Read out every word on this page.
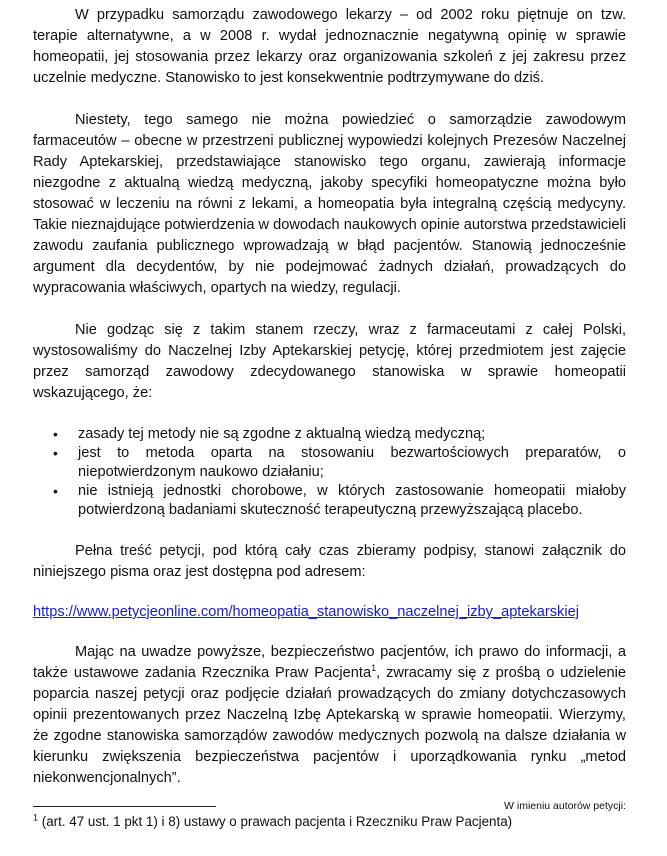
W przypadku samorządu zawodowego lekarzy – od 2002 roku piętnuje on tzw. terapie alternatywne, a w 2008 r. wydał jednoznacznie negatywną opinię w sprawie homeopatii, jej stosowania przez lekarzy oraz organizowania szkoleń z jej zakresu przez uczelnie medyczne. Stanowisko to jest konsekwentnie podtrzymywane do dziś.

Niestety, tego samego nie można powiedzieć o samorządzie zawodowym farmaceutów – obecne w przestrzeni publicznej wypowiedzi kolejnych Prezesów Naczelnej Rady Aptekarskiej, przedstawiające stanowisko tego organu, zawierają informacje niezgodne z aktualną wiedzą medyczną, jakoby specyfiki homeopatyczne można było stosować w leczeniu na równi z lekami, a homeopatia była integralną częścią medycyny. Takie nieznajdujące potwierdzenia w dowodach naukowych opinie autorstwa przedstawicieli zawodu zaufania publicznego wprowadzają w błąd pacjentów. Stanowią jednocześnie argument dla decydentów, by nie podejmować żadnych działań, prowadzących do wypracowania właściwych, opartych na wiedzy, regulacji.

Nie godząc się z takim stanem rzeczy, wraz z farmaceutami z całej Polski, wystosowaliśmy do Naczelnej Izby Aptekarskiej petycję, której przedmiotem jest zajęcie przez samorząd zawodowy zdecydowanego stanowiska w sprawie homeopatii wskazującego, że:

• zasady tej metody nie są zgodne z aktualną wiedzą medyczną;
• jest to metoda oparta na stosowaniu bezwartościowych preparatów, o niepotwierdzonym naukowo działaniu;
• nie istnieją jednostki chorobowe, w których zastosowanie homeopatii miałoby potwierdzoną badaniami skuteczność terapeutyczną przewyższającą placebo.

Pełna treść petycji, pod którą cały czas zbieramy podpisy, stanowi załącznik do niniejszego pisma oraz jest dostępna pod adresem:

https://www.petycjeonline.com/homeopatia_stanowisko_naczelnej_izby_aptekarskiej

Mając na uwadze powyższe, bezpieczeństwo pacjentów, ich prawo do informacji, a także ustawowe zadania Rzecznika Praw Pacjenta$^1$, zwracamy się z prośbą o udzielenie poparcia naszej petycji oraz podjęcie działań prowadzących do zmiany dotychczasowych opinii prezentowanych przez Naczelną Izbę Aptekarską w sprawie homeopatii. Wierzymy, że zgodne stanowiska samorządów zawodów medycznych pozwolą na dalsze działania w kierunku zwiększenia bezpieczeństwa pacjentów i uporządkowania rynku „metod niekonwencjonalnych”.

W imieniu autorów petycji:

$^1$ (art. 47 ust. 1 pkt 1) i 8) ustawy o prawach pacjenta i Rzeczniku Praw Pacjenta)
